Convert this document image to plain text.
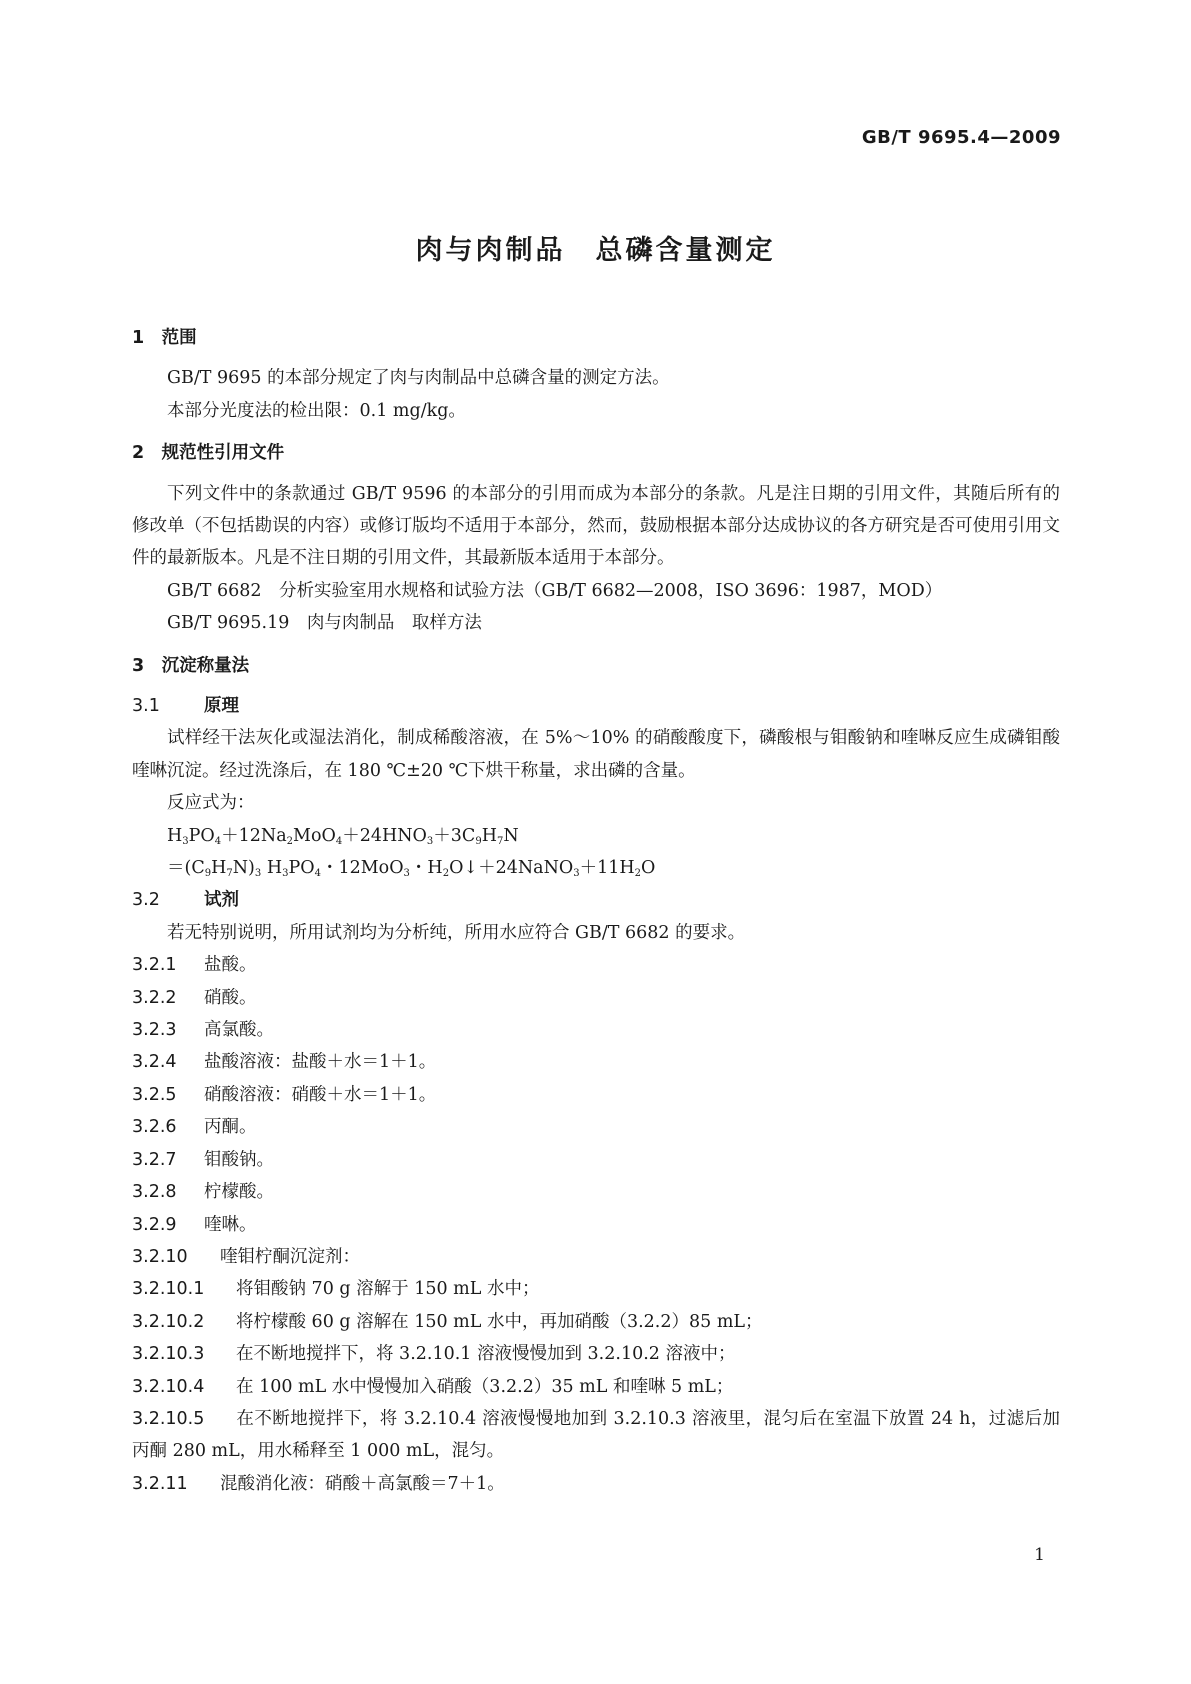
GB/T 9695.4—2009
肉与肉制品　总磷含量测定
1　范围
GB/T 9695 的本部分规定了肉与肉制品中总磷含量的测定方法。
本部分光度法的检出限：0.1 mg/kg。
2　规范性引用文件
下列文件中的条款通过 GB/T 9596 的本部分的引用而成为本部分的条款。凡是注日期的引用文件，其随后所有的修改单（不包括勘误的内容）或修订版均不适用于本部分，然而，鼓励根据本部分达成协议的各方研究是否可使用引用文件的最新版本。凡是不注日期的引用文件，其最新版本适用于本部分。
GB/T 6682　分析实验室用水规格和试验方法（GB/T 6682—2008，ISO 3696：1987，MOD）
GB/T 9695.19　肉与肉制品　取样方法
3　沉淀称量法
3.1	原理
试样经干法灰化或湿法消化，制成稀酸溶液，在 5%～10% 的硝酸酸度下，磷酸根与钼酸钠和喹啉反应生成磷钼酸喹啉沉淀。经过洗涤后，在 180 ℃±20 ℃下烘干称量，求出磷的含量。
反应式为：
$H_3PO_4+12Na_2MoO_4+24HNO_3+3C_9H_7N$
$=(C_9H_7N)_3$ $H_3PO_4$・12MoO$_3$・$H_2O↓+24NaNO_3+11H_2O$
3.2	试剂
若无特别说明，所用试剂均为分析纯，所用水应符合 GB/T 6682 的要求。
3.2.1 盐酸。
3.2.2 硝酸。
3.2.3 高氯酸。
3.2.4 盐酸溶液：盐酸＋水＝1＋1。
3.2.5 硝酸溶液：硝酸＋水＝1＋1。
3.2.6 丙酮。
3.2.7 钼酸钠。
3.2.8 柠檬酸。
3.2.9 喹啉。
3.2.10 喹钼柠酮沉淀剂：
3.2.10.1 将钼酸钠 70 g 溶解于 150 mL 水中；
3.2.10.2 将柠檬酸 60 g 溶解在 150 mL 水中，再加硝酸（3.2.2）85 mL；
3.2.10.3 在不断地搅拌下，将 3.2.10.1 溶液慢慢加到 3.2.10.2 溶液中；
3.2.10.4 在 100 mL 水中慢慢加入硝酸（3.2.2）35 mL 和喹啉 5 mL；
3.2.10.5 在不断地搅拌下，将 3.2.10.4 溶液慢慢地加到 3.2.10.3 溶液里，混匀后在室温下放置 24 h，过滤后加丙酮 280 mL，用水稀释至 1 000 mL，混匀。
3.2.11 混酸消化液：硝酸＋高氯酸＝7＋1。
1
